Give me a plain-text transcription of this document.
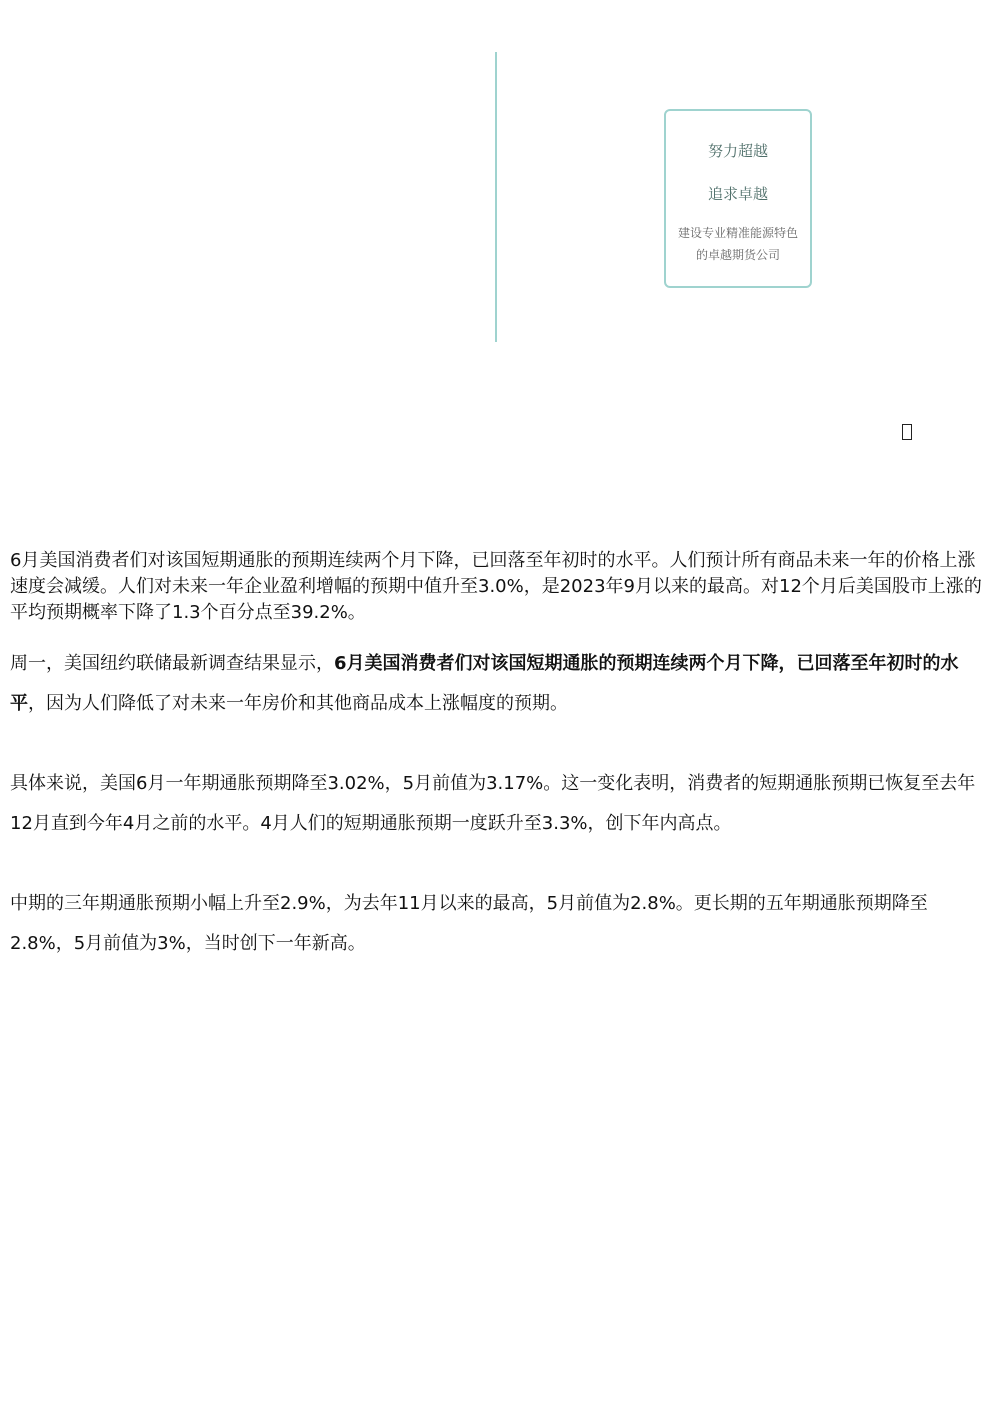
努力超越
追求卓越
建设专业精准能源特色的卓越期货公司

6月美国消费者们对该国短期通胀的预期连续两个月下降，已回落至年初时的水平。人们预计所有商品未来一年的价格上涨速度会减缓。人们对未来一年企业盈利增幅的预期中值升至3.0%，是2023年9月以来的最高。对12个月后美国股市上涨的平均预期概率下降了1.3个百分点至39.2%。

周一，美国纽约联储最新调查结果显示，6月美国消费者们对该国短期通胀的预期连续两个月下降，已回落至年初时的水平，因为人们降低了对未来一年房价和其他商品成本上涨幅度的预期。

具体来说，美国6月一年期通胀预期降至3.02%，5月前值为3.17%。这一变化表明，消费者的短期通胀预期已恢复至去年12月直到今年4月之前的水平。4月人们的短期通胀预期一度跃升至3.3%，创下年内高点。

中期的三年期通胀预期小幅上升至2.9%，为去年11月以来的最高，5月前值为2.8%。更长期的五年期通胀预期降至2.8%，5月前值为3%，当时创下一年新高。
